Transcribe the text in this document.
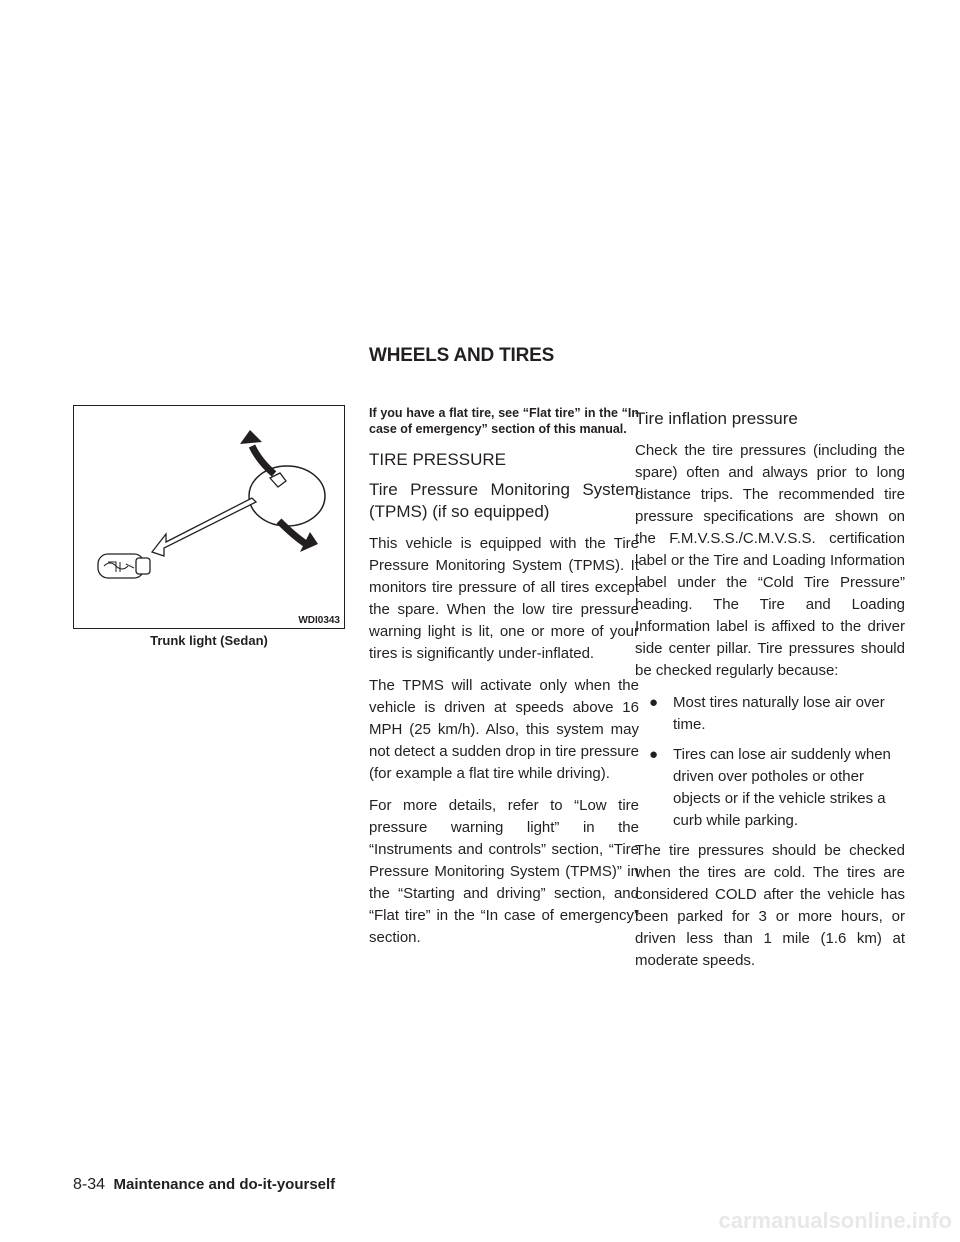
WHEELS AND TIRES
WDI0343
Trunk light (Sedan)

If you have a flat tire, see “Flat tire” in the “In case of emergency” section of this manual.

TIRE PRESSURE
Tire Pressure Monitoring System (TPMS) (if so equipped)

This vehicle is equipped with the Tire Pressure Monitoring System (TPMS). It monitors tire pressure of all tires except the spare. When the low tire pressure warning light is lit, one or more of your tires is significantly under-inflated.

The TPMS will activate only when the vehicle is driven at speeds above 16 MPH (25 km/h). Also, this system may not detect a sudden drop in tire pressure (for example a flat tire while driving).

For more details, refer to “Low tire pressure warning light” in the “Instruments and controls” section, “Tire Pressure Monitoring System (TPMS)” in the “Starting and driving” section, and “Flat tire” in the “In case of emergency” section.

Tire inflation pressure

Check the tire pressures (including the spare) often and always prior to long distance trips. The recommended tire pressure specifications are shown on the F.M.V.S.S./C.M.V.S.S. certification label or the Tire and Loading Information label under the “Cold Tire Pressure” heading. The Tire and Loading Information label is affixed to the driver side center pillar. Tire pressures should be checked regularly because:

● Most tires naturally lose air over time.
● Tires can lose air suddenly when driven over potholes or other objects or if the vehicle strikes a curb while parking.

The tire pressures should be checked when the tires are cold. The tires are considered COLD after the vehicle has been parked for 3 or more hours, or driven less than 1 mile (1.6 km) at moderate speeds.

8-34 Maintenance and do-it-yourself
carmanualsonline.info
